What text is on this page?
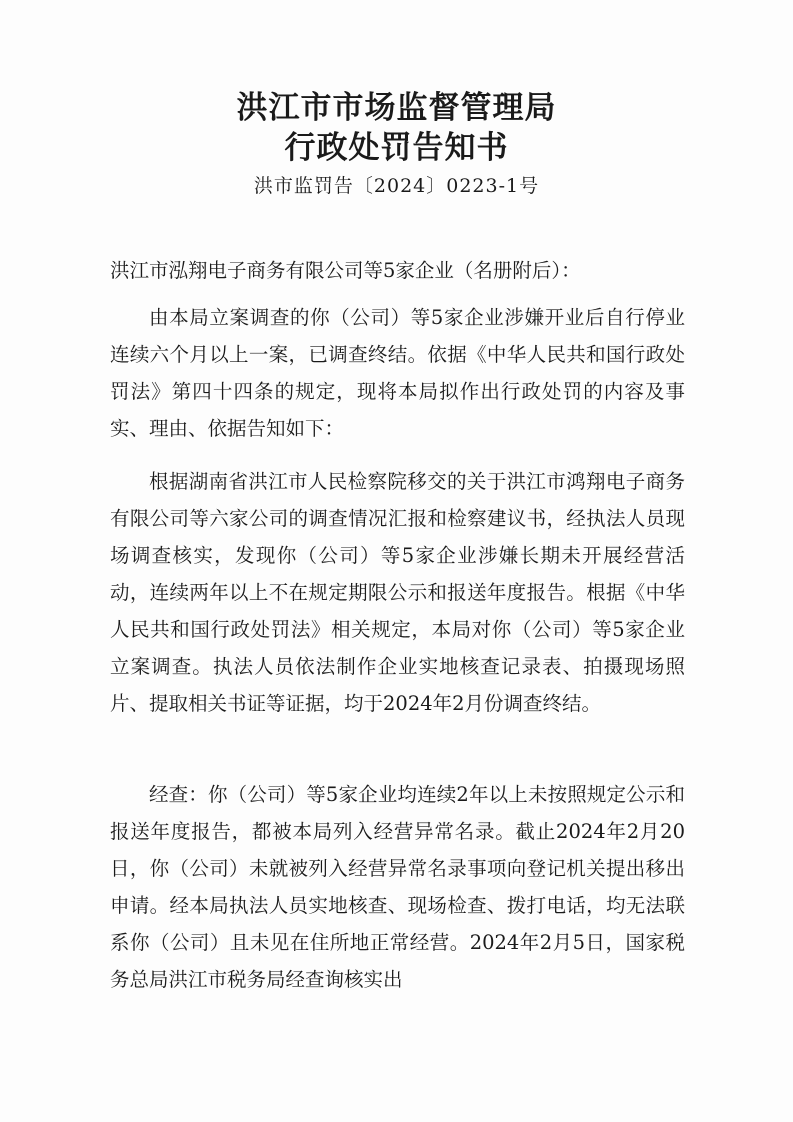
洪江市市场监督管理局
行政处罚告知书
洪市监罚告〔2024〕0223-1号

洪江市泓翔电子商务有限公司等5家企业（名册附后）：

由本局立案调查的你（公司）等5家企业涉嫌开业后自行停业连续六个月以上一案，已调查终结。依据《中华人民共和国行政处罚法》第四十四条的规定，现将本局拟作出行政处罚的内容及事实、理由、依据告知如下：

根据湖南省洪江市人民检察院移交的关于洪江市鸿翔电子商务有限公司等六家公司的调查情况汇报和检察建议书，经执法人员现场调查核实，发现你（公司）等5家企业涉嫌长期未开展经营活动，连续两年以上不在规定期限公示和报送年度报告。根据《中华人民共和国行政处罚法》相关规定，本局对你（公司）等5家企业立案调查。执法人员依法制作企业实地核查记录表、拍摄现场照片、提取相关书证等证据，均于2024年2月份调查终结。

经查：你（公司）等5家企业均连续2年以上未按照规定公示和报送年度报告，都被本局列入经营异常名录。截止2024年2月20日，你（公司）未就被列入经营异常名录事项向登记机关提出移出申请。经本局执法人员实地核查、现场检查、拨打电话，均无法联系你（公司）且未见在住所地正常经营。2024年2月5日，国家税务总局洪江市税务局经查询核实出
